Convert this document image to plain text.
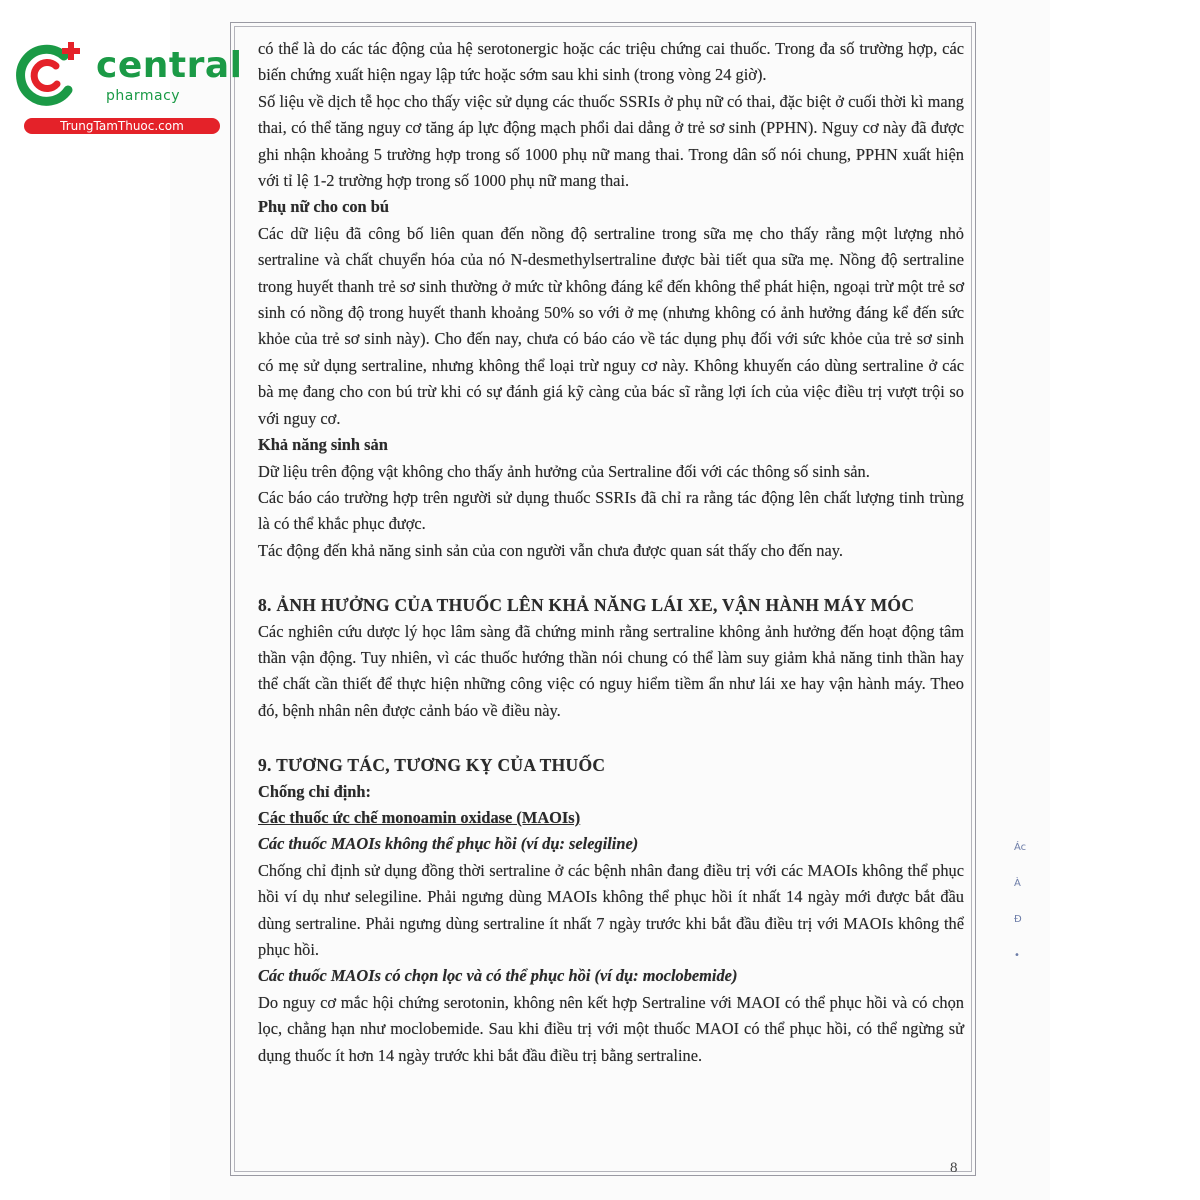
central
pharmacy
TrungTamThuoc.com

có thể là do các tác động của hệ serotonergic hoặc các triệu chứng cai thuốc. Trong đa số trường hợp, các biến chứng xuất hiện ngay lập tức hoặc sớm sau khi sinh (trong vòng 24 giờ).

Số liệu về dịch tễ học cho thấy việc sử dụng các thuốc SSRIs ở phụ nữ có thai, đặc biệt ở cuối thời kì mang thai, có thể tăng nguy cơ tăng áp lực động mạch phổi dai dẳng ở trẻ sơ sinh (PPHN). Nguy cơ này đã được ghi nhận khoảng 5 trường hợp trong số 1000 phụ nữ mang thai. Trong dân số nói chung, PPHN xuất hiện với tỉ lệ 1-2 trường hợp trong số 1000 phụ nữ mang thai.

Phụ nữ cho con bú

Các dữ liệu đã công bố liên quan đến nồng độ sertraline trong sữa mẹ cho thấy rằng một lượng nhỏ sertraline và chất chuyển hóa của nó N-desmethylsertraline được bài tiết qua sữa mẹ. Nồng độ sertraline trong huyết thanh trẻ sơ sinh thường ở mức từ không đáng kể đến không thể phát hiện, ngoại trừ một trẻ sơ sinh có nồng độ trong huyết thanh khoảng 50% so với ở mẹ (nhưng không có ảnh hưởng đáng kể đến sức khỏe của trẻ sơ sinh này). Cho đến nay, chưa có báo cáo về tác dụng phụ đối với sức khỏe của trẻ sơ sinh có mẹ sử dụng sertraline, nhưng không thể loại trừ nguy cơ này. Không khuyến cáo dùng sertraline ở các bà mẹ đang cho con bú trừ khi có sự đánh giá kỹ càng của bác sĩ rằng lợi ích của việc điều trị vượt trội so với nguy cơ.

Khả năng sinh sản

Dữ liệu trên động vật không cho thấy ảnh hưởng của Sertraline đối với các thông số sinh sản.

Các báo cáo trường hợp trên người sử dụng thuốc SSRIs đã chỉ ra rằng tác động lên chất lượng tinh trùng là có thể khắc phục được.

Tác động đến khả năng sinh sản của con người vẫn chưa được quan sát thấy cho đến nay.

8. ẢNH HƯỞNG CỦA THUỐC LÊN KHẢ NĂNG LÁI XE, VẬN HÀNH MÁY MÓC

Các nghiên cứu dược lý học lâm sàng đã chứng minh rằng sertraline không ảnh hưởng đến hoạt động tâm thần vận động. Tuy nhiên, vì các thuốc hướng thần nói chung có thể làm suy giảm khả năng tinh thần hay thể chất cần thiết để thực hiện những công việc có nguy hiểm tiềm ẩn như lái xe hay vận hành máy. Theo đó, bệnh nhân nên được cảnh báo về điều này.

9. TƯƠNG TÁC, TƯƠNG KỴ CỦA THUỐC

Chống chỉ định:

Các thuốc ức chế monoamin oxidase (MAOIs)

Các thuốc MAOIs không thể phục hồi (ví dụ: selegiline)

Chống chỉ định sử dụng đồng thời sertraline ở các bệnh nhân đang điều trị với các MAOIs không thể phục hồi ví dụ như selegiline. Phải ngưng dùng MAOIs không thể phục hồi ít nhất 14 ngày mới được bắt đầu dùng sertraline. Phải ngưng dùng sertraline ít nhất 7 ngày trước khi bắt đầu điều trị với MAOIs không thể phục hồi.

Các thuốc MAOIs có chọn lọc và có thể phục hồi (ví dụ: moclobemide)

Do nguy cơ mắc hội chứng serotonin, không nên kết hợp Sertraline với MAOI có thể phục hồi và có chọn lọc, chẳng hạn như moclobemide. Sau khi điều trị với một thuốc MAOI có thể phục hồi, có thể ngừng sử dụng thuốc ít hơn 14 ngày trước khi bắt đầu điều trị bằng sertraline.

Ác
À
Đ
•
8
